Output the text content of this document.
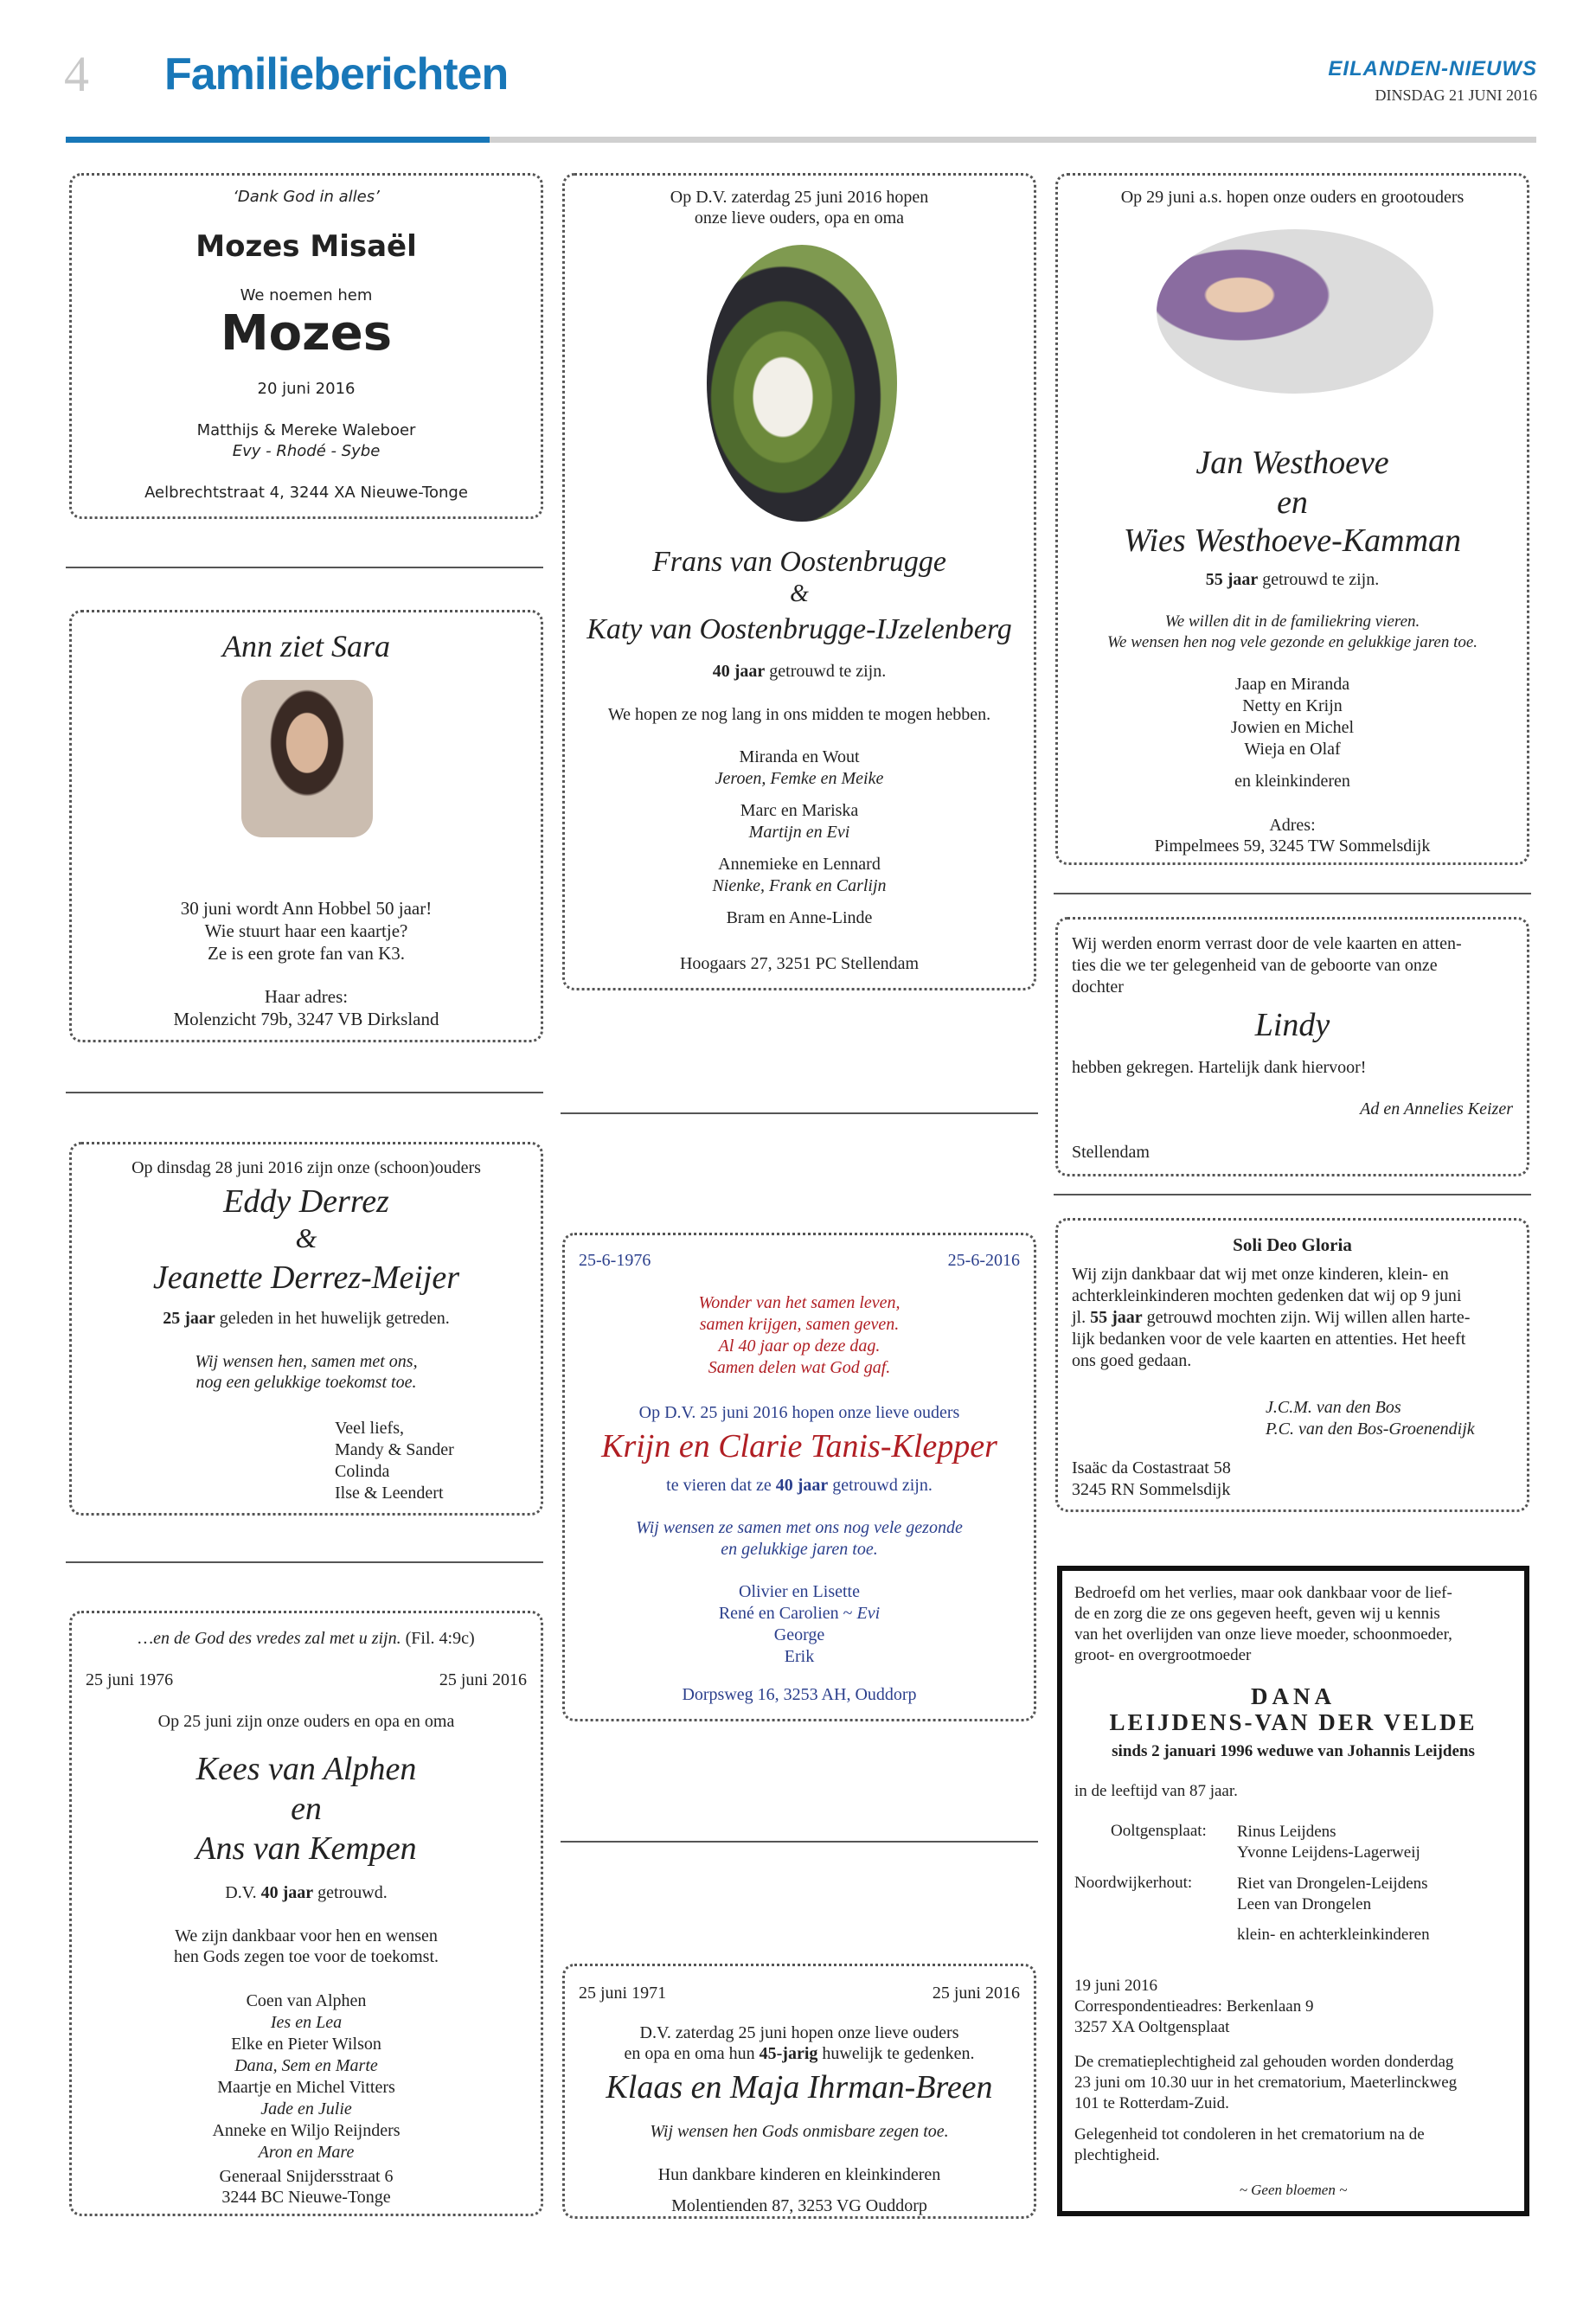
4 Familieberichten	EILANDEN-NIEUWS
DINSDAG 21 JUNI 2016
‘Dank God in alles’
Mozes Misaël
We noemen hem
Mozes
20 juni 2016
Matthijs & Mereke Waleboer
Evy - Rhodé - Sybe
Aelbrechtstraat 4, 3244 XA Nieuwe-Tonge
Ann ziet Sara
30 juni wordt Ann Hobbel 50 jaar!
Wie stuurt haar een kaartje?
Ze is een grote fan van K3.
Haar adres:
Molenzicht 79b, 3247 VB Dirksland
Op dinsdag 28 juni 2016 zijn onze (schoon)ouders
Eddy Derrez
&
Jeanette Derrez-Meijer
25 jaar geleden in het huwelijk getreden.
Wij wensen hen, samen met ons,
nog een gelukkige toekomst toe.
Veel liefs,
Mandy & Sander
Colinda
Ilse & Leendert
…en de God des vredes zal met u zijn. (Fil. 4:9c)
25 juni 1976	25 juni 2016
Op 25 juni zijn onze ouders en opa en oma
Kees van Alphen
en
Ans van Kempen
D.V. 40 jaar getrouwd.
We zijn dankbaar voor hen en wensen
hen Gods zegen toe voor de toekomst.
Coen van Alphen
Ies en Lea
Elke en Pieter Wilson
Dana, Sem en Marte
Maartje en Michel Vitters
Jade en Julie
Anneke en Wiljo Reijnders
Aron en Mare
Generaal Snijdersstraat 6
3244 BC Nieuwe-Tonge
Op D.V. zaterdag 25 juni 2016 hopen
onze lieve ouders, opa en oma
Frans van Oostenbrugge
&
Katy van Oostenbrugge-IJzelenberg
40 jaar getrouwd te zijn.
We hopen ze nog lang in ons midden te mogen hebben.
Miranda en Wout
Jeroen, Femke en Meike
Marc en Mariska
Martijn en Evi
Annemieke en Lennard
Nienke, Frank en Carlijn
Bram en Anne-Linde
Hoogaars 27, 3251 PC Stellendam
25-6-1976	25-6-2016
Wonder van het samen leven,
samen krijgen, samen geven.
Al 40 jaar op deze dag.
Samen delen wat God gaf.
Op D.V. 25 juni 2016 hopen onze lieve ouders
Krijn en Clarie Tanis-Klepper
te vieren dat ze 40 jaar getrouwd zijn.
Wij wensen ze samen met ons nog vele gezonde
en gelukkige jaren toe.
Olivier en Lisette
René en Carolien ~ Evi
George
Erik
Dorpsweg 16, 3253 AH, Ouddorp
25 juni 1971	25 juni 2016
D.V. zaterdag 25 juni hopen onze lieve ouders
en opa en oma hun 45-jarig huwelijk te gedenken.
Klaas en Maja Ihrman-Breen
Wij wensen hen Gods onmisbare zegen toe.
Hun dankbare kinderen en kleinkinderen
Molentienden 87, 3253 VG Ouddorp
Op 29 juni a.s. hopen onze ouders en grootouders
Jan Westhoeve
en
Wies Westhoeve-Kamman
55 jaar getrouwd te zijn.
We willen dit in de familiekring vieren.
We wensen hen nog vele gezonde en gelukkige jaren toe.
Jaap en Miranda
Netty en Krijn
Jowien en Michel
Wieja en Olaf
en kleinkinderen
Adres:
Pimpelmees 59, 3245 TW Sommelsdijk
Wij werden enorm verrast door de vele kaarten en atten-
ties die we ter gelegenheid van de geboorte van onze
dochter
Lindy
hebben gekregen. Hartelijk dank hiervoor!
Ad en Annelies Keizer
Stellendam
Soli Deo Gloria
Wij zijn dankbaar dat wij met onze kinderen, klein- en
achterkleinkinderen mochten gedenken dat wij op 9 juni
jl. 55 jaar getrouwd mochten zijn. Wij willen allen harte-
lijk bedanken voor de vele kaarten en attenties. Het heeft
ons goed gedaan.
J.C.M. van den Bos
P.C. van den Bos-Groenendijk
Isaäc da Costastraat 58
3245 RN Sommelsdijk
Bedroefd om het verlies, maar ook dankbaar voor de lief-
de en zorg die ze ons gegeven heeft, geven wij u kennis
van het overlijden van onze lieve moeder, schoonmoeder,
groot- en overgrootmoeder
DANA
LEIJDENS-VAN DER VELDE
sinds 2 januari 1996 weduwe van Johannis Leijdens
in de leeftijd van 87 jaar.
Ooltgensplaat: Rinus Leijdens
Yvonne Leijdens-Lagerweij
Noordwijkerhout:	Riet van Drongelen-Leijdens
Leen van Drongelen
klein- en achterkleinkinderen
19 juni 2016
Correspondentieadres: Berkenlaan 9
3257 XA Ooltgensplaat
De crematieplechtigheid zal gehouden worden donderdag
23 juni om 10.30 uur in het crematorium, Maeterlinckweg
101 te Rotterdam-Zuid.
Gelegenheid tot condoleren in het crematorium na de
plechtigheid.
~ Geen bloemen ~
